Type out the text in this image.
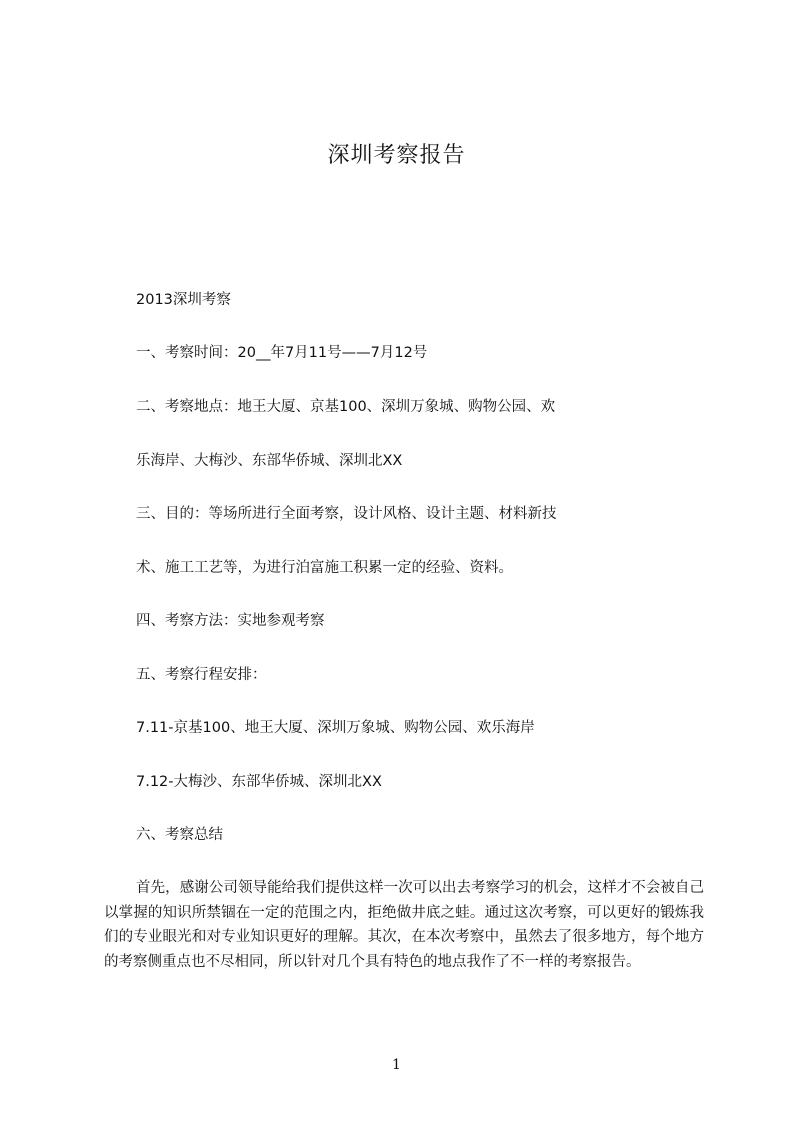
深圳考察报告
2013深圳考察
一、考察时间：20__年7月11号——7月12号
二、考察地点：地王大厦、京基100、深圳万象城、购物公园、欢
乐海岸、大梅沙、东部华侨城、深圳北XX
三、目的：等场所进行全面考察，设计风格、设计主题、材料新技
术、施工工艺等，为进行泊富施工积累一定的经验、资料。
四、考察方法：实地参观考察
五、考察行程安排：
7.11-京基100、地王大厦、深圳万象城、购物公园、欢乐海岸
7.12-大梅沙、东部华侨城、深圳北XX
六、考察总结
首先，感谢公司领导能给我们提供这样一次可以出去考察学习的机会，这样才不会被自己以掌握的知识所禁锢在一定的范围之内，拒绝做井底之蛙。通过这次考察，可以更好的锻炼我们的专业眼光和对专业知识更好的理解。其次，在本次考察中，虽然去了很多地方，每个地方的考察侧重点也不尽相同，所以针对几个具有特色的地点我作了不一样的考察报告。
1
